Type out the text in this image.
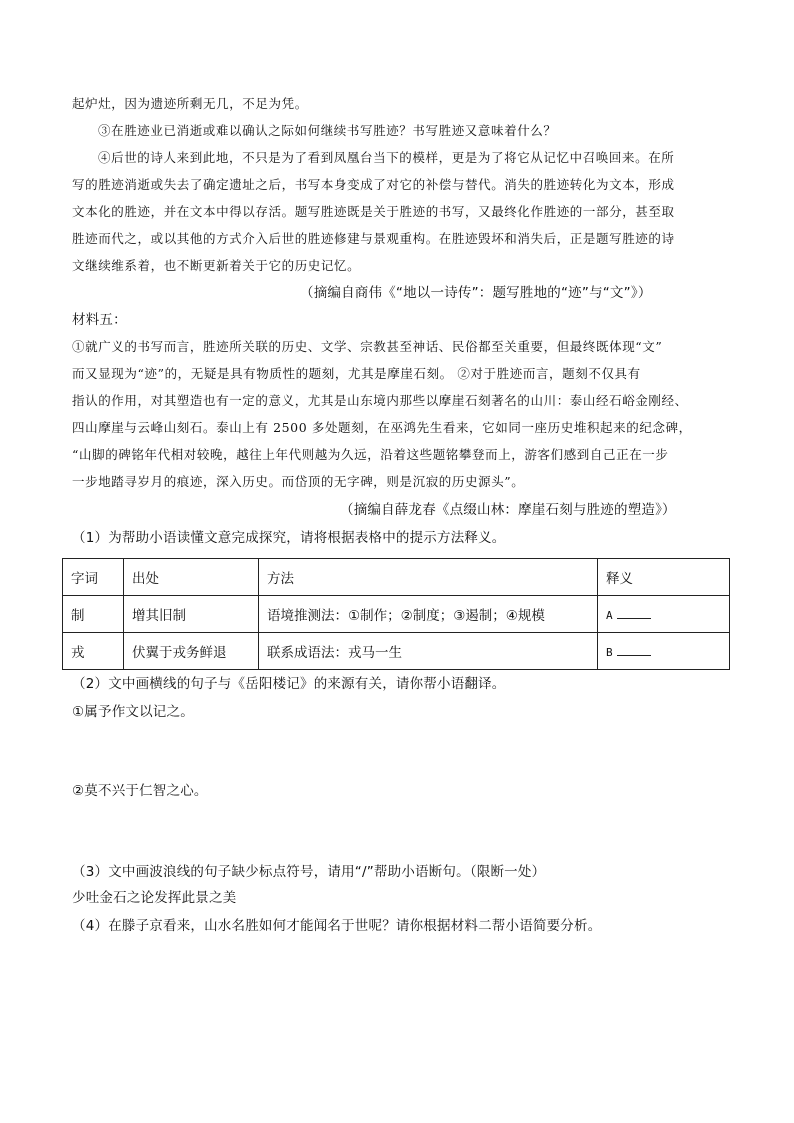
起炉灶，因为遗迹所剩无几，不足为凭。
③在胜迹业已消逝或难以确认之际如何继续书写胜迹？书写胜迹又意味着什么？
④后世的诗人来到此地，不只是为了看到凤凰台当下的模样，更是为了将它从记忆中召唤回来。在所
写的胜迹消逝或失去了确定遗址之后，书写本身变成了对它的补偿与替代。消失的胜迹转化为文本，形成
文本化的胜迹，并在文本中得以存活。题写胜迹既是关于胜迹的书写，又最终化作胜迹的一部分，甚至取
胜迹而代之，或以其他的方式介入后世的胜迹修建与景观重构。在胜迹毁坏和消失后，正是题写胜迹的诗
文继续维系着，也不断更新着关于它的历史记忆。
（摘编自商伟《“地以一诗传”：题写胜地的“迹”与“文”》）
材料五：
①就广义的书写而言，胜迹所关联的历史、文学、宗教甚至神话、民俗都至关重要，但最终既体现“文”
而又显现为“迹”的，无疑是具有物质性的题刻，尤其是摩崖石刻。 ②对于胜迹而言，题刻不仅具有
指认的作用，对其塑造也有一定的意义，尤其是山东境内那些以摩崖石刻著名的山川：泰山经石峪金刚经、
四山摩崖与云峰山刻石。泰山上有 2500 多处题刻，在巫鸿先生看来，它如同一座历史堆积起来的纪念碑，
“山脚的碑铭年代相对较晚，越往上年代则越为久远，沿着这些题铭攀登而上，游客们感到自己正在一步
一步地踏寻岁月的痕迹，深入历史。而岱顶的无字碑，则是沉寂的历史源头”。
（摘编自薛龙春《点缀山林：摩崖石刻与胜迹的塑造》）
（1）为帮助小语读懂文意完成探究，请将根据表格中的提示方法释义。
字词	出处	方法	释义
制	增其旧制	语境推测法：①制作；②制度；③遏制；④规模	A
戎	伏翼于戎务鲜退	联系成语法：戎马一生	B
（2）文中画横线的句子与《岳阳楼记》的来源有关，请你帮小语翻译。
①属予作文以记之。
②莫不兴于仁智之心。
（3）文中画波浪线的句子缺少标点符号，请用“/”帮助小语断句。（限断一处）
少吐金石之论发挥此景之美
（4）在滕子京看来，山水名胜如何才能闻名于世呢？请你根据材料二帮小语简要分析。
